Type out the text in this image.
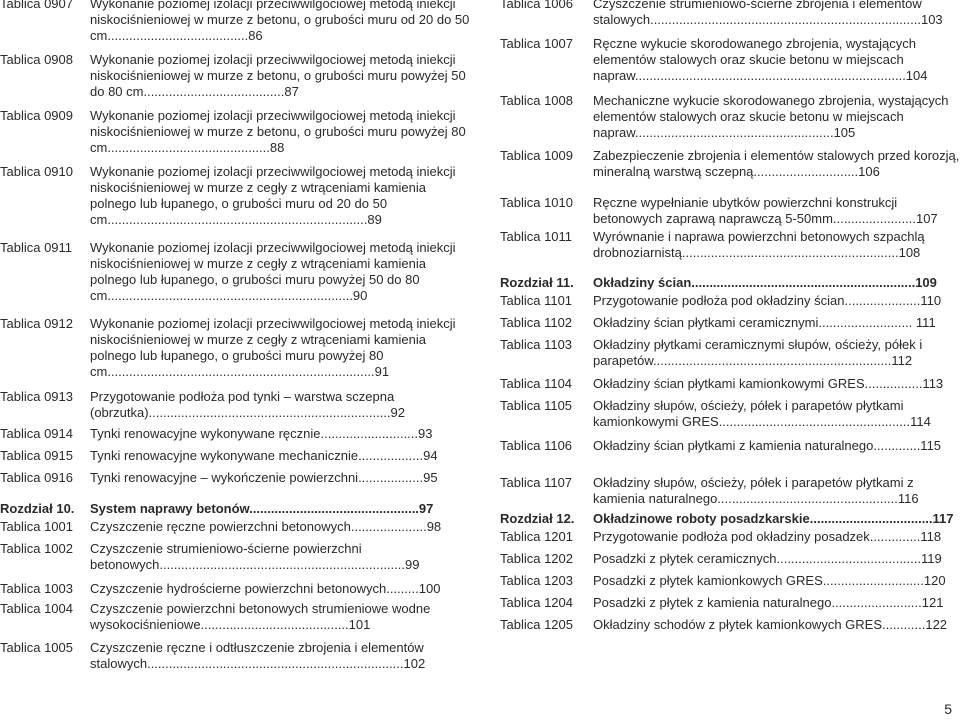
Tablica 0907	Wykonanie poziomej izolacji przeciwwilgociowej metodą iniekcji niskociśnieniowej w murze z betonu, o grubości muru od 20 do 50 cm.......................................86
Tablica 0908	Wykonanie poziomej izolacji przeciwwilgociowej metodą iniekcji niskociśnieniowej w murze z betonu, o grubości muru powyżej 50 do 80 cm.......................................87
Tablica 0909	Wykonanie poziomej izolacji przeciwwilgociowej metodą iniekcji niskociśnieniowej w murze z betonu, o grubości muru powyżej 80 cm.............................................88
Tablica 0910	Wykonanie poziomej izolacji przeciwwilgociowej metodą iniekcji niskociśnieniowej w murze z cegły z wtrąceniami kamienia polnego lub łupanego, o grubości muru od 20 do 50 cm........................................................................89
Tablica 0911	Wykonanie poziomej izolacji przeciwwilgociowej metodą iniekcji niskociśnieniowej w murze z cegły z wtrąceniami kamienia polnego lub łupanego, o grubości muru powyżej 50 do 80 cm....................................................................90
Tablica 0912	Wykonanie poziomej izolacji przeciwwilgociowej metodą iniekcji niskociśnieniowej w murze z cegły z wtrąceniami kamienia polnego lub łupanego, o grubości muru powyżej 80 cm..........................................................................91
Tablica 0913	Przygotowanie podłoża pod tynki – warstwa sczepna (obrzutka)...................................................................92
Tablica 0914	Tynki renowacyjne wykonywane ręcznie...........................93
Tablica 0915	Tynki renowacyjne wykonywane mechanicznie..................94
Tablica 0916	Tynki renowacyjne – wykończenie powierzchni..................95
Rozdział 10.	System naprawy betonów...............................................97
Tablica 1001	Czyszczenie ręczne powierzchni betonowych.....................98
Tablica 1002	Czyszczenie strumieniowo-ścierne powierzchni betonowych....................................................................99
Tablica 1003	Czyszczenie hydrościerne powierzchni betonowych.........100
Tablica 1004	Czyszczenie powierzchni betonowych strumieniowe wodne wysokociśnieniowe.........................................101
Tablica 1005	Czyszczenie ręczne i odtłuszczenie zbrojenia i elementów stalowych.......................................................................102
Tablica 1006	Czyszczenie strumieniowo-ścierne zbrojenia i elementów stalowych...........................................................................103
Tablica 1007	Ręczne wykucie skorodowanego zbrojenia, wystających elementów stalowych oraz skucie betonu w miejscach napraw...........................................................................104
Tablica 1008	Mechaniczne wykucie skorodowanego zbrojenia, wystających elementów stalowych oraz skucie betonu w miejscach napraw.......................................................105
Tablica 1009	Zabezpieczenie zbrojenia i elementów stalowych przed korozją, mineralną warstwą sczepną.............................106
Tablica 1010	Ręczne wypełnianie ubytków powierzchni konstrukcji betonowych zaprawą naprawczą 5-50mm.......................107
Tablica 1011	Wyrównanie i naprawa powierzchni betonowych szpachlą drobnoziarnistą............................................................108
Rozdział 11.	Okładziny ścian..............................................................109
Tablica 1101	Przygotowanie podłoża pod okładziny ścian.....................110
Tablica 1102	Okładziny ścian płytkami ceramicznymi.......................... 111
Tablica 1103	Okładziny płytkami ceramicznymi słupów, ościeży, półek i parapetów..................................................................112
Tablica 1104	Okładziny ścian płytkami kamionkowymi GRES................113
Tablica 1105	Okładziny słupów, ościeży, półek i parapetów płytkami kamionkowymi GRES.....................................................114
Tablica 1106	Okładziny ścian płytkami z kamienia naturalnego.............115
Tablica 1107	Okładziny słupów, ościeży, półek i parapetów płytkami z kamienia naturalnego..................................................116
Rozdział 12.	Okładzinowe roboty posadzkarskie..................................117
Tablica 1201	Przygotowanie podłoża pod okładziny posadzek..............118
Tablica 1202	Posadzki z płytek ceramicznych........................................119
Tablica 1203	Posadzki z płytek kamionkowych GRES............................120
Tablica 1204	Posadzki z płytek z kamienia naturalnego.........................121
Tablica 1205	Okładziny schodów z płytek kamionkowych GRES............122
5
